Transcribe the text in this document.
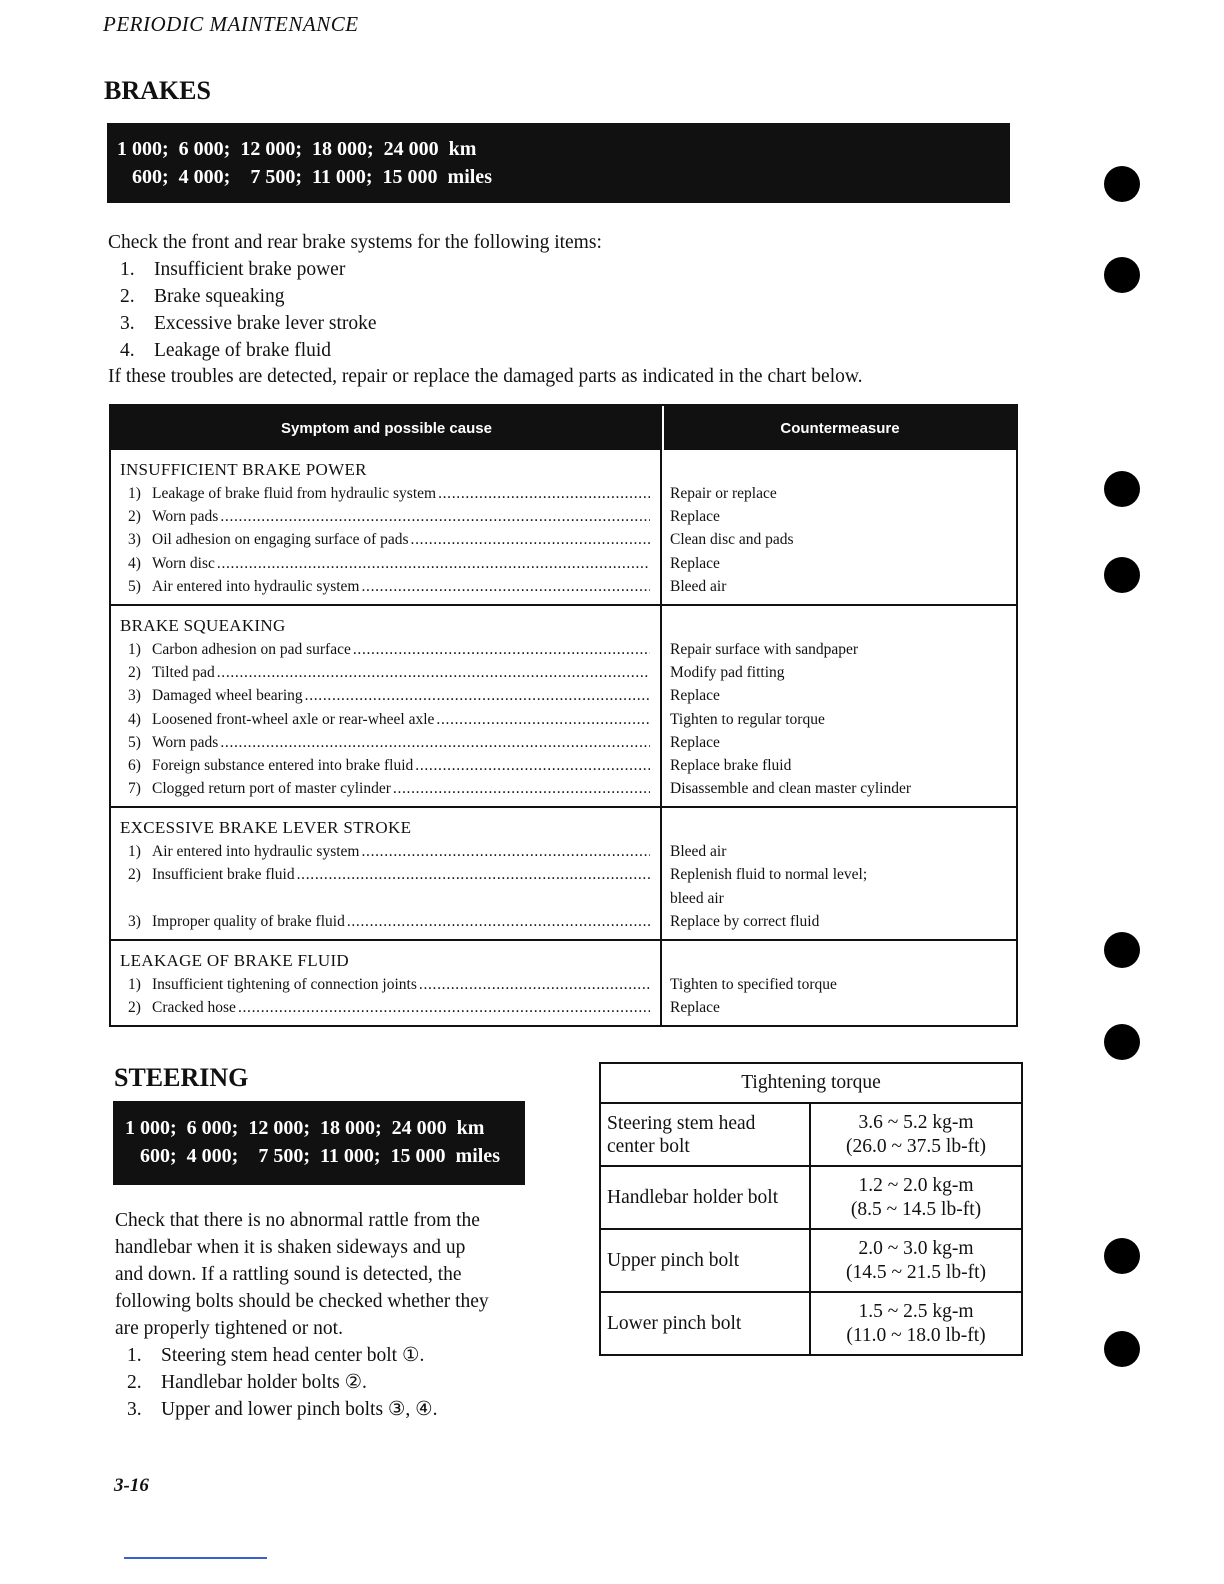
PERIODIC MAINTENANCE
BRAKES
1 000;  6 000;  12 000;  18 000;  24 000  km
600;  4 000;    7 500;  11 000;  15 000  miles
Check the front and rear brake systems for the following items:
1. Insufficient brake power
2. Brake squeaking
3. Excessive brake lever stroke
4. Leakage of brake fluid
If these troubles are detected, repair or replace the damaged parts as indicated in the chart below.
Symptom and possible cause	Countermeasure
INSUFFICIENT BRAKE POWER
1) Leakage of brake fluid from hydraulic system
. . .
2) Worn pads
. . .
3) Oil adhesion on engaging surface of pads
. . .
4) Worn disc
. . .
5) Air entered into hydraulic system
. . .
Repair or replace
Replace
Clean disc and pads
Replace
Bleed air
BRAKE SQUEAKING
1) Carbon adhesion on pad surface
. . .
2) Tilted pad
. . .
3) Damaged wheel bearing
. . .
4) Loosened front-wheel axle or rear-wheel axle
. . .
5) Worn pads
. . .
6) Foreign substance entered into brake fluid
. . .
7) Clogged return port of master cylinder
. . .
Repair surface with sandpaper
Modify pad fitting
Replace
Tighten to regular torque
Replace
Replace brake fluid
Disassemble and clean master cylinder
EXCESSIVE BRAKE LEVER STROKE
1) Air entered into hydraulic system
. . .
2) Insufficient brake fluid
. . .
3) Improper quality of brake fluid
. . .
Bleed air
Replenish fluid to normal level;
bleed air
Replace by correct fluid
LEAKAGE OF BRAKE FLUID
1) Insufficient tightening of connection joints
. . .
2) Cracked hose
. . .
Tighten to specified torque
Replace
STEERING
1 000;  6 000;  12 000;  18 000;  24 000  km
600;  4 000;    7 500;  11 000;  15 000  miles
Check that there is no abnormal rattle from the
handlebar when it is shaken sideways and up
and down. If a rattling sound is detected, the
following bolts should be checked whether they
are properly tightened or not.
1. Steering stem head center bolt ①.
2. Handlebar holder bolts ②.
3. Upper and lower pinch bolts ③, ④.
Tightening torque
Steering stem head center bolt
3.6 ~ 5.2 kg-m
(26.0 ~ 37.5 lb-ft)
Handlebar holder bolt
1.2 ~ 2.0 kg-m
(8.5 ~ 14.5 lb-ft)
Upper pinch bolt
2.0 ~ 3.0 kg-m
(14.5 ~ 21.5 lb-ft)
Lower pinch bolt
1.5 ~ 2.5 kg-m
(11.0 ~ 18.0 lb-ft)
3-16
